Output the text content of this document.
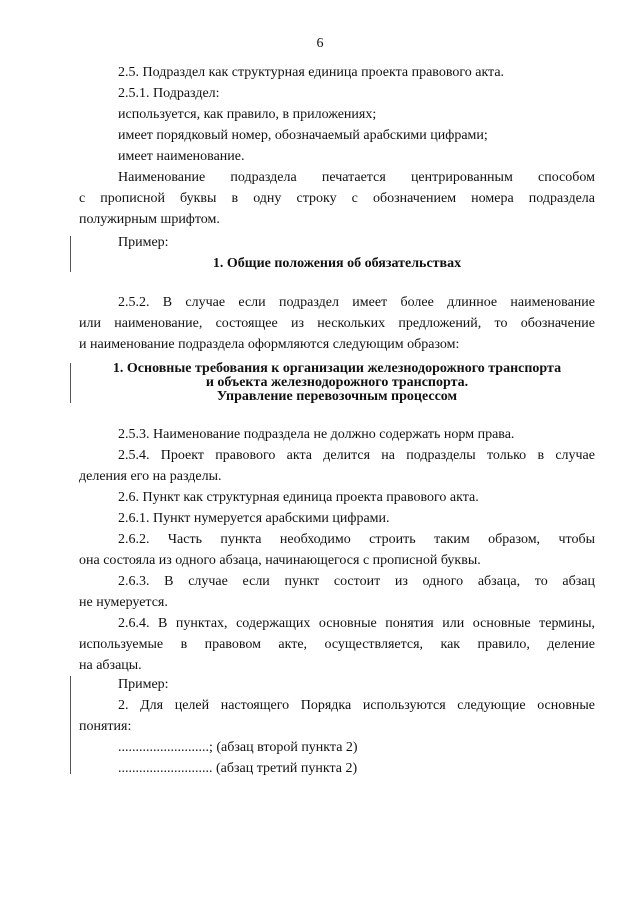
6
2.5. Подраздел как структурная единица проекта правового акта.
2.5.1. Подраздел:
используется, как правило, в приложениях;
имеет порядковый номер, обозначаемый арабскими цифрами;
имеет наименование.
Наименование подраздела печатается центрированным способом
с прописной буквы в одну строку с обозначением номера подраздела
полужирным шрифтом.
Пример:
1. Общие положения об обязательствах
2.5.2. В случае если подраздел имеет более длинное наименование
или наименование, состоящее из нескольких предложений, то обозначение
и наименование подраздела оформляются следующим образом:
1. Основные требования к организации железнодорожного транспорта
и объекта железнодорожного транспорта.
Управление перевозочным процессом
2.5.3. Наименование подраздела не должно содержать норм права.
2.5.4. Проект правового акта делится на подразделы только в случае
деления его на разделы.
2.6. Пункт как структурная единица проекта правового акта.
2.6.1. Пункт нумеруется арабскими цифрами.
2.6.2. Часть пункта необходимо строить таким образом, чтобы
она состояла из одного абзаца, начинающегося с прописной буквы.
2.6.3. В случае если пункт состоит из одного абзаца, то абзац
не нумеруется.
2.6.4. В пунктах, содержащих основные понятия или основные термины,
используемые в правовом акте, осуществляется, как правило, деление
на абзацы.
Пример:
2. Для целей настоящего Порядка используются следующие основные
понятия:
..........................; (абзац второй пункта 2)
........................... (абзац третий пункта 2)
